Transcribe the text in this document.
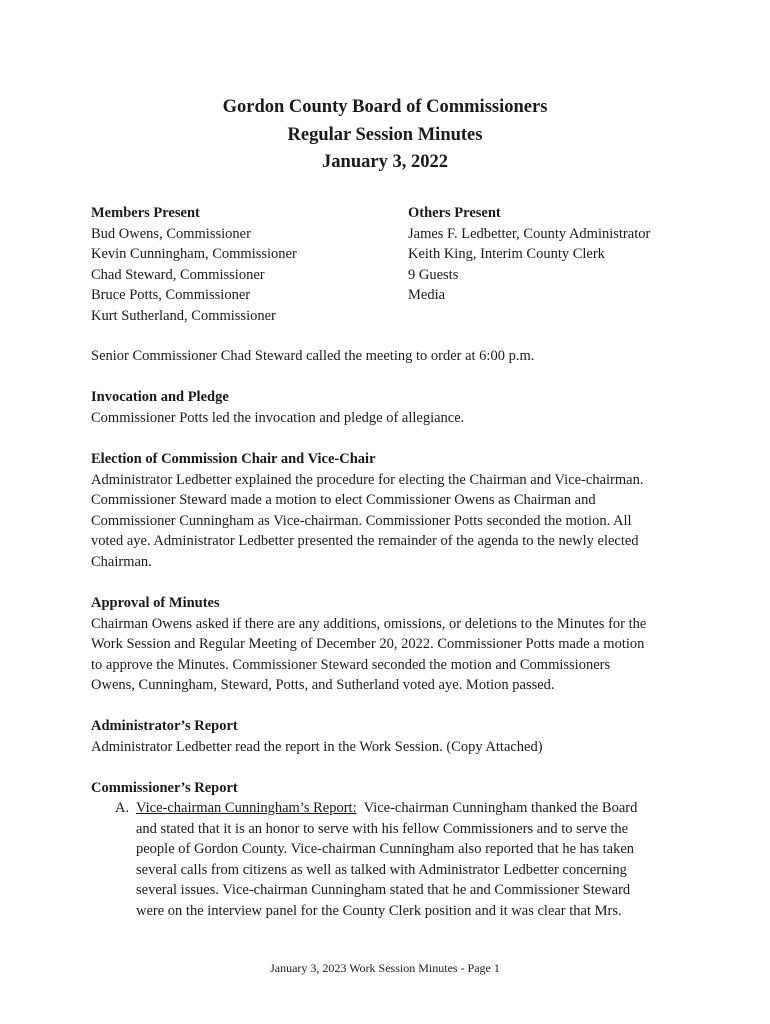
Gordon County Board of Commissioners
Regular Session Minutes
January 3, 2022
Members Present
Bud Owens, Commissioner
Kevin Cunningham, Commissioner
Chad Steward, Commissioner
Bruce Potts, Commissioner
Kurt Sutherland, Commissioner
Others Present
James F. Ledbetter, County Administrator
Keith King, Interim County Clerk
9 Guests
Media

Senior Commissioner Chad Steward called the meeting to order at 6:00 p.m.

Invocation and Pledge

Commissioner Potts led the invocation and pledge of allegiance.

Election of Commission Chair and Vice-Chair

Administrator Ledbetter explained the procedure for electing the Chairman and Vice-chairman.

Commissioner Steward made a motion to elect Commissioner Owens as Chairman and

Commissioner Cunningham as Vice-chairman. Commissioner Potts seconded the motion. All

voted aye. Administrator Ledbetter presented the remainder of the agenda to the newly elected

Chairman.

Approval of Minutes

Chairman Owens asked if there are any additions, omissions, or deletions to the Minutes for the

Work Session and Regular Meeting of December 20, 2022. Commissioner Potts made a motion

to approve the Minutes. Commissioner Steward seconded the motion and Commissioners

Owens, Cunningham, Steward, Potts, and Sutherland voted aye. Motion passed.

Administrator’s Report

Administrator Ledbetter read the report in the Work Session. (Copy Attached)

Commissioner’s Report

A. Vice-chairman Cunningham’s Report:  Vice-chairman Cunningham thanked the Board
and stated that it is an honor to serve with his fellow Commissioners and to serve the
people of Gordon County. Vice-chairman Cunningham also reported that he has taken
several calls from citizens as well as talked with Administrator Ledbetter concerning
several issues. Vice-chairman Cunningham stated that he and Commissioner Steward
were on the interview panel for the County Clerk position and it was clear that Mrs.
January 3, 2023 Work Session Minutes - Page 1
